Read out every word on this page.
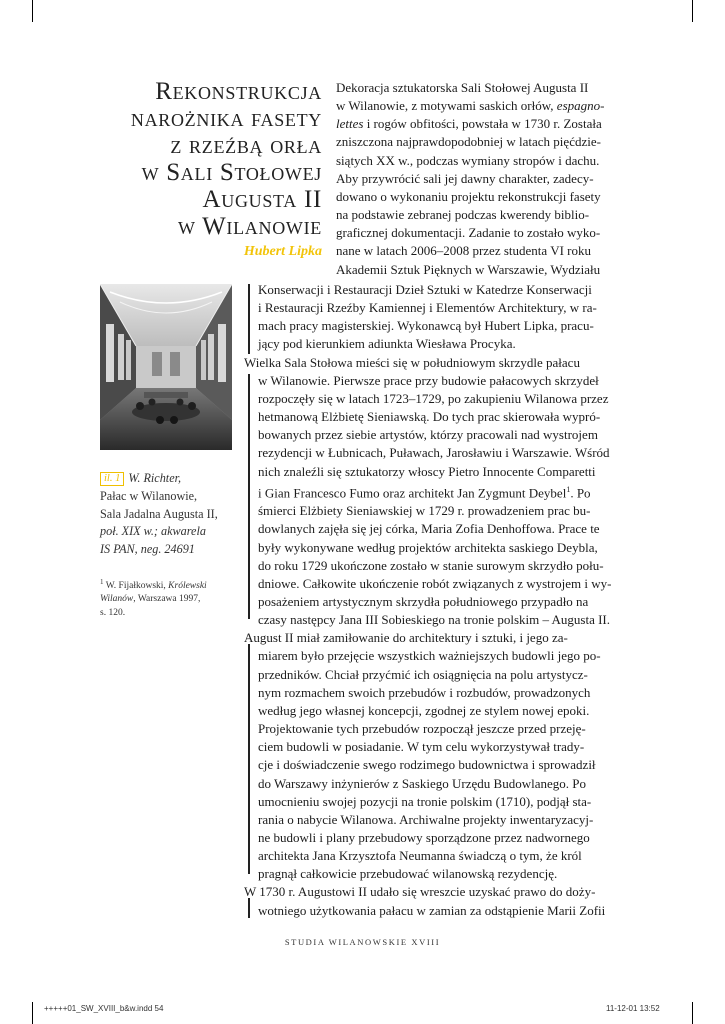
Rekonstrukcja
narożnika fasety
z rzeźbą orła
w Sali Stołowej
Augusta II
w Wilanowie
Hubert Lipka
Dekoracja sztukatorska Sali Stołowej Augusta II
w Wilanowie, z motywami saskich orłów, espagno-
lettes i rogów obfitości, powstała w 1730 r. Została
zniszczona najprawdopodobniej w latach pięćdzie-
siątych XX w., podczas wymiany stropów i dachu.
Aby przywrócić sali jej dawny charakter, zadecy-
dowano o wykonaniu projektu rekonstrukcji fasety
na podstawie zebranej podczas kwerendy biblio-
graficznej dokumentacji. Zadanie to zostało wyko-
nane w latach 2006–2008 przez studenta VI roku
Akademii Sztuk Pięknych w Warszawie, Wydziału
Konserwacji i Restauracji Dzieł Sztuki w Katedrze Konserwacji
i Restauracji Rzeźby Kamiennej i Elementów Architektury, w ra-
mach pracy magisterskiej. Wykonawcą był Hubert Lipka, pracu-
jący pod kierunkiem adiunkta Wiesława Procyka.
Wielka Sala Stołowa mieści się w południowym skrzydle pałacu
w Wilanowie. Pierwsze prace przy budowie pałacowych skrzydeł
rozpoczęły się w latach 1723–1729, po zakupieniu Wilanowa przez
hetmanową Elżbietę Sieniawską. Do tych prac skierowała wypró-
bowanych przez siebie artystów, którzy pracowali nad wystrojem
rezydencji w Łubnicach, Puławach, Jarosławiu i Warszawie. Wśród
nich znaleźli się sztukatorzy włoscy Pietro Innocente Comparetti
i Gian Francesco Fumo oraz architekt Jan Zygmunt Deybel$^1$. Po
śmierci Elżbiety Sieniawskiej w 1729 r. prowadzeniem prac bu-
dowlanych zajęła się jej córka, Maria Zofia Denhoffowa. Prace te
były wykonywane według projektów architekta saskiego Deybla,
do roku 1729 ukończone zostało w stanie surowym skrzydło połu-
dniowe. Całkowite ukończenie robót związanych z wystrojem i wy-
posażeniem artystycznym skrzydła południowego przypadło na
czasy następcy Jana III Sobieskiego na tronie polskim – Augusta II.
August II miał zamiłowanie do architektury i sztuki, i jego za-
miarem było przejęcie wszystkich ważniejszych budowli jego po-
przedników. Chciał przyćmić ich osiągnięcia na polu artystycz-
nym rozmachem swoich przebudów i rozbudów, prowadzonych
według jego własnej koncepcji, zgodnej ze stylem nowej epoki.
Projektowanie tych przebudów rozpoczął jeszcze przed przeję-
ciem budowli w posiadanie. W tym celu wykorzystywał trady-
cje i doświadczenie swego rodzimego budownictwa i sprowadził
do Warszawy inżynierów z Saskiego Urzędu Budowlanego. Po
umocnieniu swojej pozycji na tronie polskim (1710), podjął sta-
rania o nabycie Wilanowa. Archiwalne projekty inwentaryzacyj-
ne budowli i plany przebudowy sporządzone przez nadwornego
architekta Jana Krzysztofa Neumanna świadczą o tym, że król
pragnął całkowicie przebudować wilanowską rezydencję.
W 1730 r. Augustowi II udało się wreszcie uzyskać prawo do doży-
wotniego użytkowania pałacu w zamian za odstąpienie Marii Zofii
il. 1 W. Richter,
Pałac w Wilanowie,
Sala Jadalna Augusta II,
poł. XIX w.; akwarela
IS PAN, neg. 24691
$^1$ W. Fijałkowski, Królewski
Wilanów, Warszawa 1997,
s. 120.
STUDIA WILANOWSKIE XVIII
+++++01_SW_XVIII_b&w.indd 54	11-12-01 13:52
